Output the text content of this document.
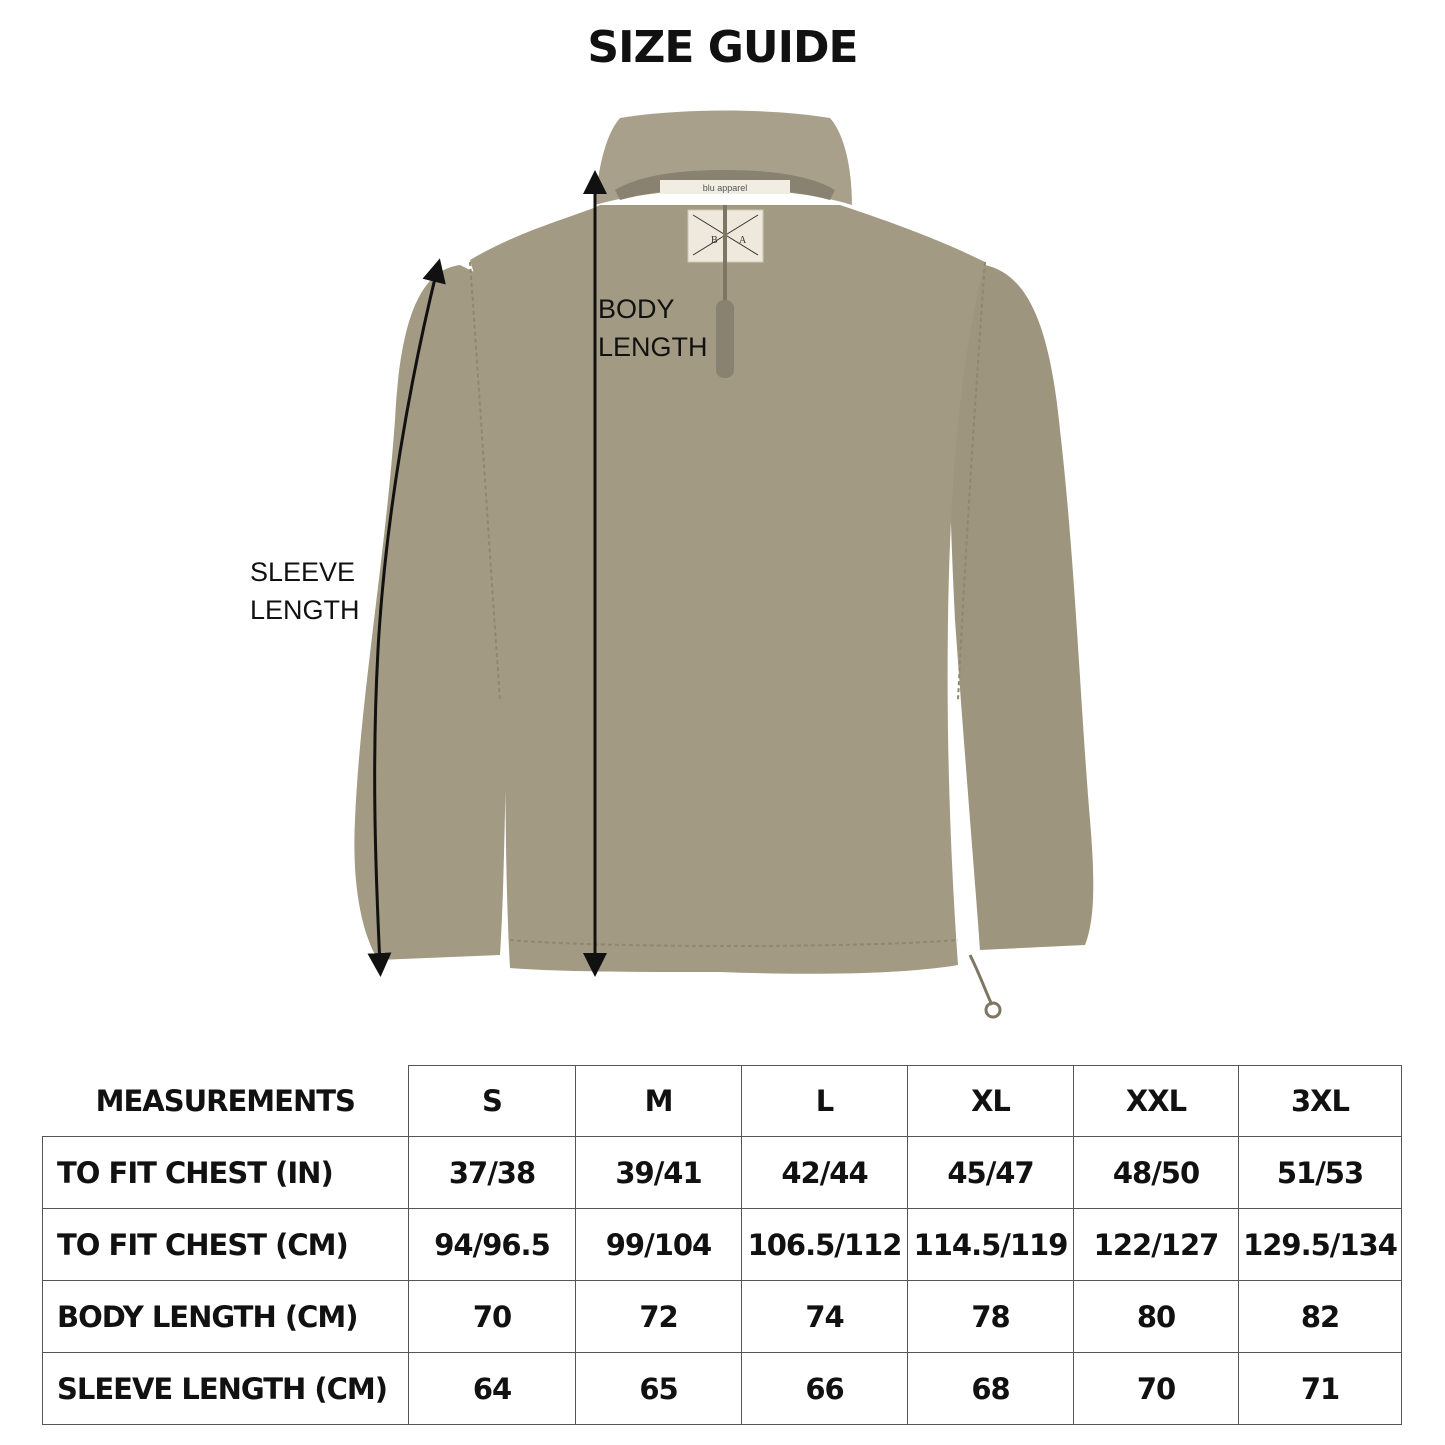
SIZE GUIDE
blu apparel
B A
BODY
LENGTH
SLEEVE
LENGTH
MEASUREMENTS	S	M	L	XL	XXL	3XL
TO FIT CHEST (IN)	37/38	39/41	42/44	45/47	48/50	51/53
TO FIT CHEST (CM)	94/96.5	99/104	106.5/112	114.5/119	122/127	129.5/134
BODY LENGTH (CM)	70	72	74	78	80	82
SLEEVE LENGTH (CM)	64	65	66	68	70	71
